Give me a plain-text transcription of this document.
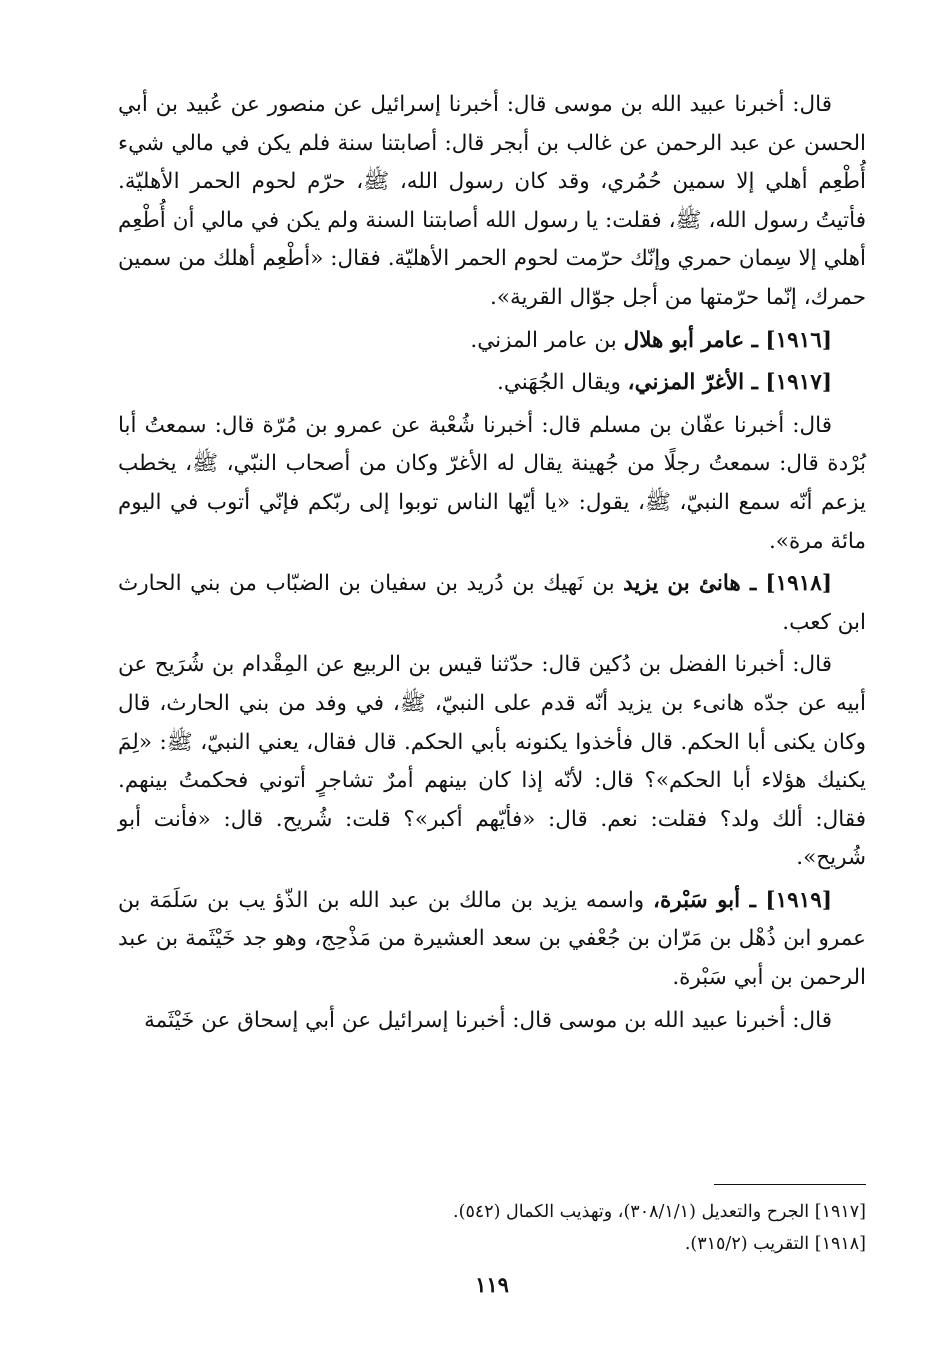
قال: أخبرنا عبيد الله بن موسى قال: أخبرنا إسرائيل عن منصور عن عُبيد بن أبي الحسن عن عبد الرحمن عن غالب بن أبجر قال: أصابتنا سنة فلم يكن في مالي شيء أُطْعِم أهلي إلا سمين حُمُري، وقد كان رسول الله، ﷺ، حرّم لحوم الحمر الأهليّة. فأتيتُ رسول الله، ﷺ، فقلت: يا رسول الله أصابتنا السنة ولم يكن في مالي أن أُطْعِم أهلي إلا سِمان حمري وإنّك حرّمت لحوم الحمر الأهليّة. فقال: «أطْعِم أهلك من سمين حمرك، إنّما حرّمتها من أجل جوّال القرية».

[١٩١٦] ـ عامر أبو هلال بن عامر المزني.

[١٩١٧] ـ الأغرّ المزني، ويقال الجُهَني.

قال: أخبرنا عفّان بن مسلم قال: أخبرنا شُعْبة عن عمرو بن مُرّة قال: سمعتُ أبا بُرْدة قال: سمعتُ رجلًا من جُهينة يقال له الأغرّ وكان من أصحاب النبّي، ﷺ، يخطب يزعم أنّه سمع النبيّ، ﷺ، يقول: «يا أيّها الناس توبوا إلى ربّكم فإنّي أتوب في اليوم مائة مرة».

[١٩١٨] ـ هانئ بن يزيد بن نَهيك بن دُريد بن سفيان بن الضبّاب من بني الحارث ابن كعب.

قال: أخبرنا الفضل بن دُكين قال: حدّثنا قيس بن الربيع عن المِقْدام بن شُرَيح عن أبيه عن جدّه هانىء بن يزيد أنّه قدم على النبيّ، ﷺ، في وفد من بني الحارث، قال وكان يكنى أبا الحكم. قال فأخذوا يكنونه بأبي الحكم. قال فقال، يعني النبيّ، ﷺ: «لِمَ يكنيك هؤلاء أبا الحكم»؟ قال: لأنّه إذا كان بينهم أمرٌ تشاجرٍ أتوني فحكمتُ بينهم. فقال: ألك ولد؟ فقلت: نعم. قال: «فأيّهم أكبر»؟ قلت: شُريح. قال: «فأنت أبو شُريح».

[١٩١٩] ـ أبو سَبْرة، واسمه يزيد بن مالك بن عبد الله بن الذّؤ يب بن سَلَمَة بن عمرو ابن ذُهْل بن مَرّان بن جُعْفي بن سعد العشيرة من مَذْحِج، وهو جد خَيْثَمة بن عبد الرحمن بن أبي سَبْرة.

قال: أخبرنا عبيد الله بن موسى قال: أخبرنا إسرائيل عن أبي إسحاق عن خَيْثَمة

[١٩١٧] الجرح والتعديل (٣٠٨/١/١)، وتهذيب الكمال (٥٤٢).

[١٩١٨] التقريب (٣١٥/٢).

١١٩
